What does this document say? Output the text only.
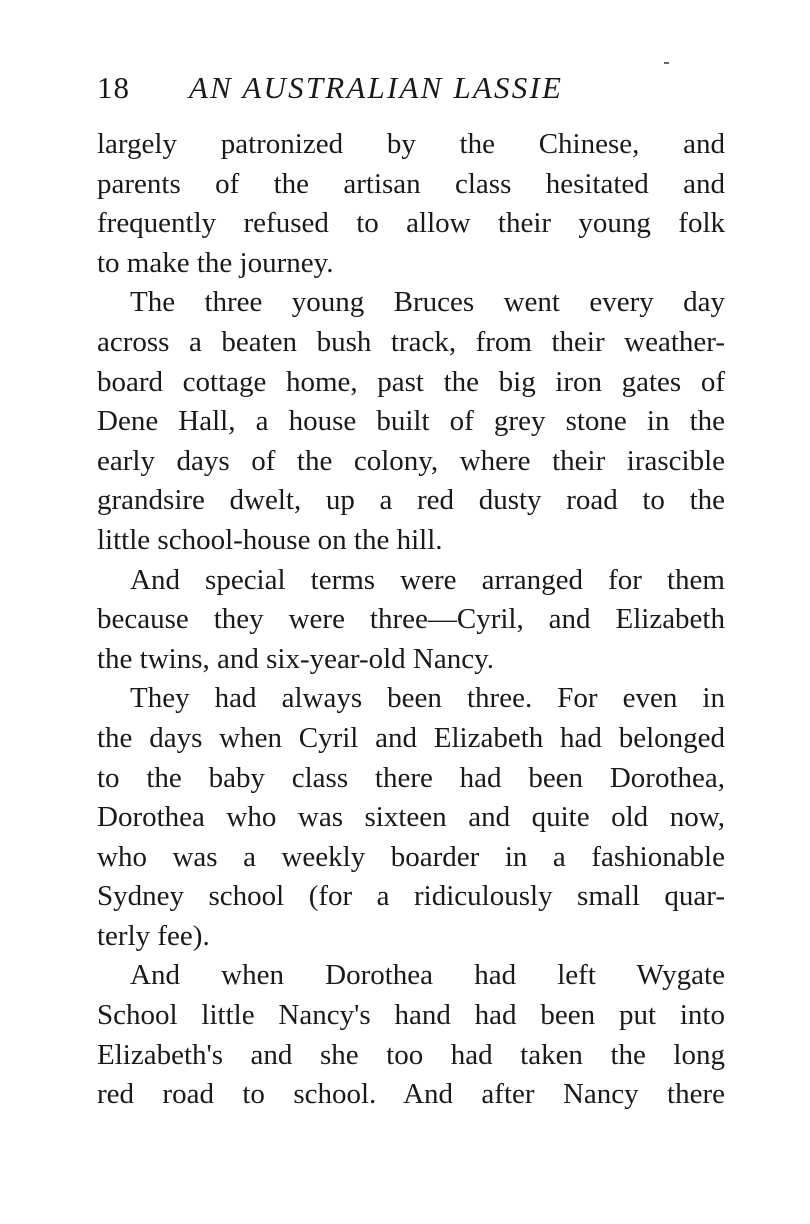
18 AN AUSTRALIAN LASSIE
largely patronized by the Chinese, and
parents of the artisan class hesitated and
frequently refused to allow their young folk
to make the journey.
The three young Bruces went every day
across a beaten bush track, from their weather-
board cottage home, past the big iron gates of
Dene Hall, a house built of grey stone in the
early days of the colony, where their irascible
grandsire dwelt, up a red dusty road to the
little school-house on the hill.
And special terms were arranged for them
because they were three—Cyril, and Elizabeth
the twins, and six-year-old Nancy.
They had always been three. For even in
the days when Cyril and Elizabeth had belonged
to the baby class there had been Dorothea,
Dorothea who was sixteen and quite old now,
who was a weekly boarder in a fashionable
Sydney school (for a ridiculously small quar-
terly fee).
And when Dorothea had left Wygate
School little Nancy's hand had been put into
Elizabeth's and she too had taken the long
red road to school. And after Nancy there
